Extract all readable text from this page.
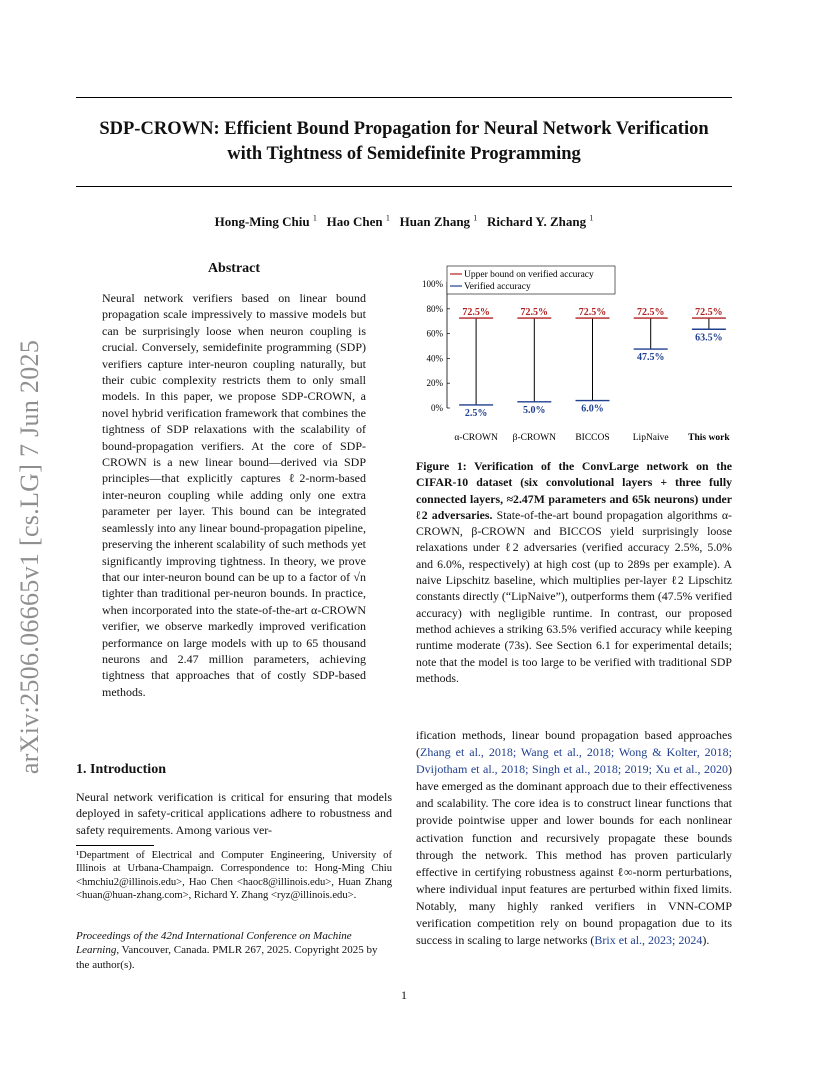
SDP-CROWN: Efficient Bound Propagation for Neural Network Verification
with Tightness of Semidefinite Programming
Hong-Ming Chiu $^1$ Hao Chen $^1$ Huan Zhang $^1$ Richard Y. Zhang $^1$
arXiv:2506.06665v1 [cs.LG] 7 Jun 2025
Abstract
Neural network verifiers based on linear bound propagation scale impressively to massive models but can be surprisingly loose when neuron coupling is crucial. Conversely, semidefinite programming (SDP) verifiers capture inter-neuron coupling naturally, but their cubic complexity restricts them to only small models. In this paper, we propose SDP-CROWN, a novel hybrid verification framework that combines the tightness of SDP relaxations with the scalability of bound-propagation verifiers. At the core of SDP-CROWN is a new linear bound—derived via SDP principles—that explicitly captures ℓ2-norm-based inter-neuron coupling while adding only one extra parameter per layer. This bound can be integrated seamlessly into any linear bound-propagation pipeline, preserving the inherent scalability of such methods yet significantly improving tightness. In theory, we prove that our inter-neuron bound can be up to a factor of √n tighter than traditional per-neuron bounds. In practice, when incorporated into the state-of-the-art α-CROWN verifier, we observe markedly improved verification performance on large models with up to 65 thousand neurons and 2.47 million parameters, achieving tightness that approaches that of costly SDP-based methods.
1. Introduction
Neural network verification is critical for ensuring that models deployed in safety-critical applications adhere to robustness and safety requirements. Among various ver-
¹Department of Electrical and Computer Engineering, University of Illinois at Urbana-Champaign. Correspondence to: Hong-Ming Chiu <hmchiu2@illinois.edu>, Hao Chen <haoc8@illinois.edu>, Huan Zhang <huan@huan-zhang.com>, Richard Y. Zhang <ryz@illinois.edu>.
Proceedings of the 42nd International Conference on Machine Learning, Vancouver, Canada. PMLR 267, 2025. Copyright 2025 by the author(s).
0%
20%
40%
60%
80%
100%
72.5%
2.5%
α-CROWN
72.5%
5.0%
β-CROWN
72.5%
6.0%
BICCOS
72.5%
47.5%
LipNaive
72.5%
63.5%
This work
Upper bound on verified accuracy
Verified accuracy
Figure 1: Verification of the ConvLarge network on the CIFAR-10 dataset (six convolutional layers + three fully connected layers, ≈2.47M parameters and 65k neurons) under ℓ2 adversaries. State-of-the-art bound propagation algorithms α-CROWN, β-CROWN and BICCOS yield surprisingly loose relaxations under ℓ2 adversaries (verified accuracy 2.5%, 5.0% and 6.0%, respectively) at high cost (up to 289s per example). A naive Lipschitz baseline, which multiplies per-layer ℓ2 Lipschitz constants directly (“LipNaive”), outperforms them (47.5% verified accuracy) with negligible runtime. In contrast, our proposed method achieves a striking 63.5% verified accuracy while keeping runtime moderate (73s). See Section 6.1 for experimental details; note that the model is too large to be verified with traditional SDP methods.
ification methods, linear bound propagation based approaches (Zhang et al., 2018; Wang et al., 2018; Wong & Kolter, 2018; Dvijotham et al., 2018; Singh et al., 2018; 2019; Xu et al., 2020) have emerged as the dominant approach due to their effectiveness and scalability. The core idea is to construct linear functions that provide pointwise upper and lower bounds for each nonlinear activation function and recursively propagate these bounds through the network. This method has proven particularly effective in certifying robustness against ℓ∞-norm perturbations, where individual input features are perturbed within fixed limits. Notably, many highly ranked verifiers in VNN-COMP verification competition rely on bound propagation due to its success in scaling to large networks (Brix et al., 2023; 2024).
1
